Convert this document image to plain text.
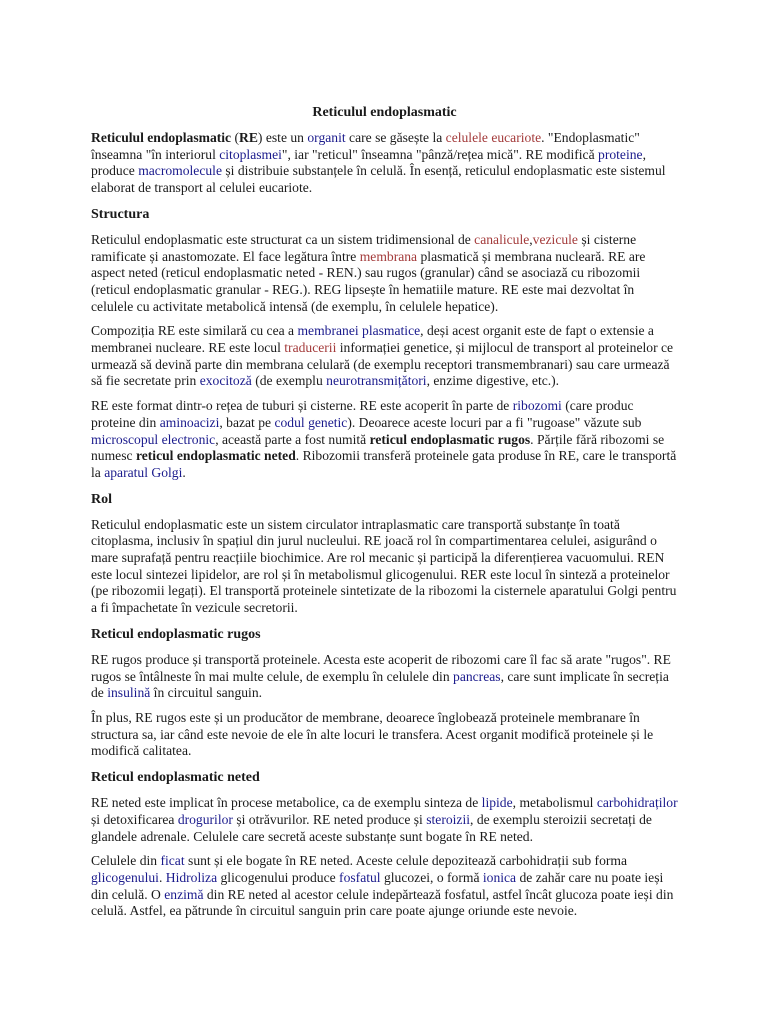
Reticulul endoplasmatic

Reticulul endoplasmatic (RE) este un organit care se găsește la celulele eucariote. "Endoplasmatic" înseamna "în interiorul citoplasmei", iar "reticul" înseamna "pânză/rețea mică". RE modifică proteine, produce macromolecule și distribuie substanțele în celulă. În esență, reticulul endoplasmatic este sistemul elaborat de transport al celulei eucariote.

Structura

Reticulul endoplasmatic este structurat ca un sistem tridimensional de canalicule,vezicule și cisterne ramificate și anastomozate. El face legătura între membrana plasmatică și membrana nucleară. RE are aspect neted (reticul endoplasmatic neted - REN.) sau rugos (granular) când se asociază cu ribozomii (reticul endoplasmatic granular - REG.). REG lipsește în hematiile mature. RE este mai dezvoltat în celulele cu activitate metabolică intensă (de exemplu, în celulele hepatice).

Compoziția RE este similară cu cea a membranei plasmatice, deși acest organit este de fapt o extensie a membranei nucleare. RE este locul traducerii informației genetice, și mijlocul de transport al proteinelor ce urmează să devină parte din membrana celulară (de exemplu receptori transmembranari) sau care urmează să fie secretate prin exocitoză (de exemplu neurotransmițători, enzime digestive, etc.).

RE este format dintr-o rețea de tuburi și cisterne. RE este acoperit în parte de ribozomi (care produc proteine din aminoacizi, bazat pe codul genetic). Deoarece aceste locuri par a fi "rugoase" văzute sub microscopul electronic, această parte a fost numită reticul endoplasmatic rugos. Părțile fără ribozomi se numesc reticul endoplasmatic neted. Ribozomii transferă proteinele gata produse în RE, care le transportă la aparatul Golgi.

Rol

Reticulul endoplasmatic este un sistem circulator intraplasmatic care transportă substanțe în toată citoplasma, inclusiv în spațiul din jurul nucleului. RE joacă rol în compartimentarea celulei, asigurând o mare suprafață pentru reacțiile biochimice. Are rol mecanic și participă la diferențierea vacuomului. REN este locul sintezei lipidelor, are rol și în metabolismul glicogenului. RER este locul în sinteză a proteinelor (pe ribozomii legați). El transportă proteinele sintetizate de la ribozomi la cisternele aparatului Golgi pentru a fi împachetate în vezicule secretorii.

Reticul endoplasmatic rugos

RE rugos produce și transportă proteinele. Acesta este acoperit de ribozomi care îl fac să arate "rugos". RE rugos se întâlneste în mai multe celule, de exemplu în celulele din pancreas, care sunt implicate în secreția de insulină în circuitul sanguin.

În plus, RE rugos este și un producător de membrane, deoarece înglobează proteinele membranare în structura sa, iar când este nevoie de ele în alte locuri le transfera. Acest organit modifică proteinele și le modifică calitatea.

Reticul endoplasmatic neted

RE neted este implicat în procese metabolice, ca de exemplu sinteza de lipide, metabolismul carbohidraților și detoxificarea drogurilor și otrăvurilor. RE neted produce și steroizii, de exemplu steroizii secretați de glandele adrenale. Celulele care secretă aceste substanțe sunt bogate în RE neted.

Celulele din ficat sunt și ele bogate în RE neted. Aceste celule depozitează carbohidrații sub forma glicogenului. Hidroliza glicogenului produce fosfatul glucozei, o formă ionica de zahăr care nu poate ieși din celulă. O enzimă din RE neted al acestor celule indepărtează fosfatul, astfel încât glucoza poate ieși din celulă. Astfel, ea pătrunde în circuitul sanguin prin care poate ajunge oriunde este nevoie.
